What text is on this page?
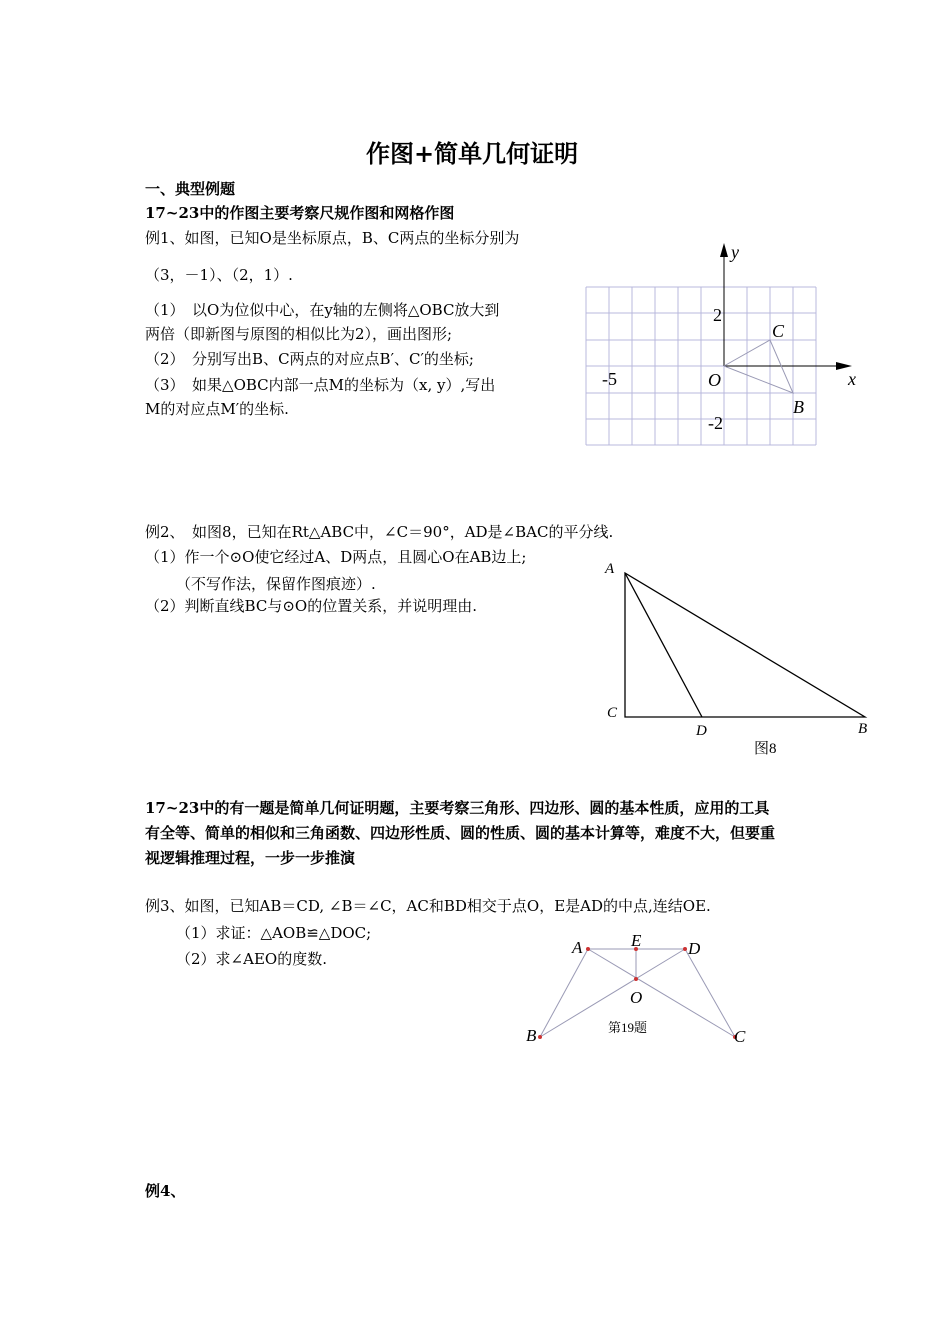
作图+简单几何证明
一、典型例题
17~23中的作图主要考察尺规作图和网格作图
例1、如图，已知O是坐标原点，B、C两点的坐标分别为
（3，－1）、（2，1）.
（1）　以O为位似中心，在y轴的左侧将△OBC放大到
两倍（即新图与原图的相似比为2），画出图形;
（2）　分别写出B、C两点的对应点B′、C′的坐标;
（3）　如果△OBC内部一点M的坐标为（x, y）,写出
M的对应点M′的坐标.
y
x
2
-5	O
C
B
-2
例2、　如图8，已知在Rt△ABC中，∠C＝90°，AD是∠BAC的平分线.
（1）作一个⊙O使它经过A、D两点，且圆心O在AB边上;
（不写作法，保留作图痕迹）.
（2）判断直线BC与⊙O的位置关系，并说明理由.
A
C
D	B
图8
17~23中的有一题是简单几何证明题，主要考察三角形、四边形、圆的基本性质，应用的工具
有全等、简单的相似和三角函数、四边形性质、圆的性质、圆的基本计算等，难度不大，但要重
视逻辑推理过程，一步一步推演
例3、如图，已知AB＝CD, ∠B＝∠C，AC和BD相交于点O，E是AD的中点,连结OE.
（1）求证：△AOB≌△DOC;
（2）求∠AEO的度数.
A	E	D
O
B	C
第19题
例4、
